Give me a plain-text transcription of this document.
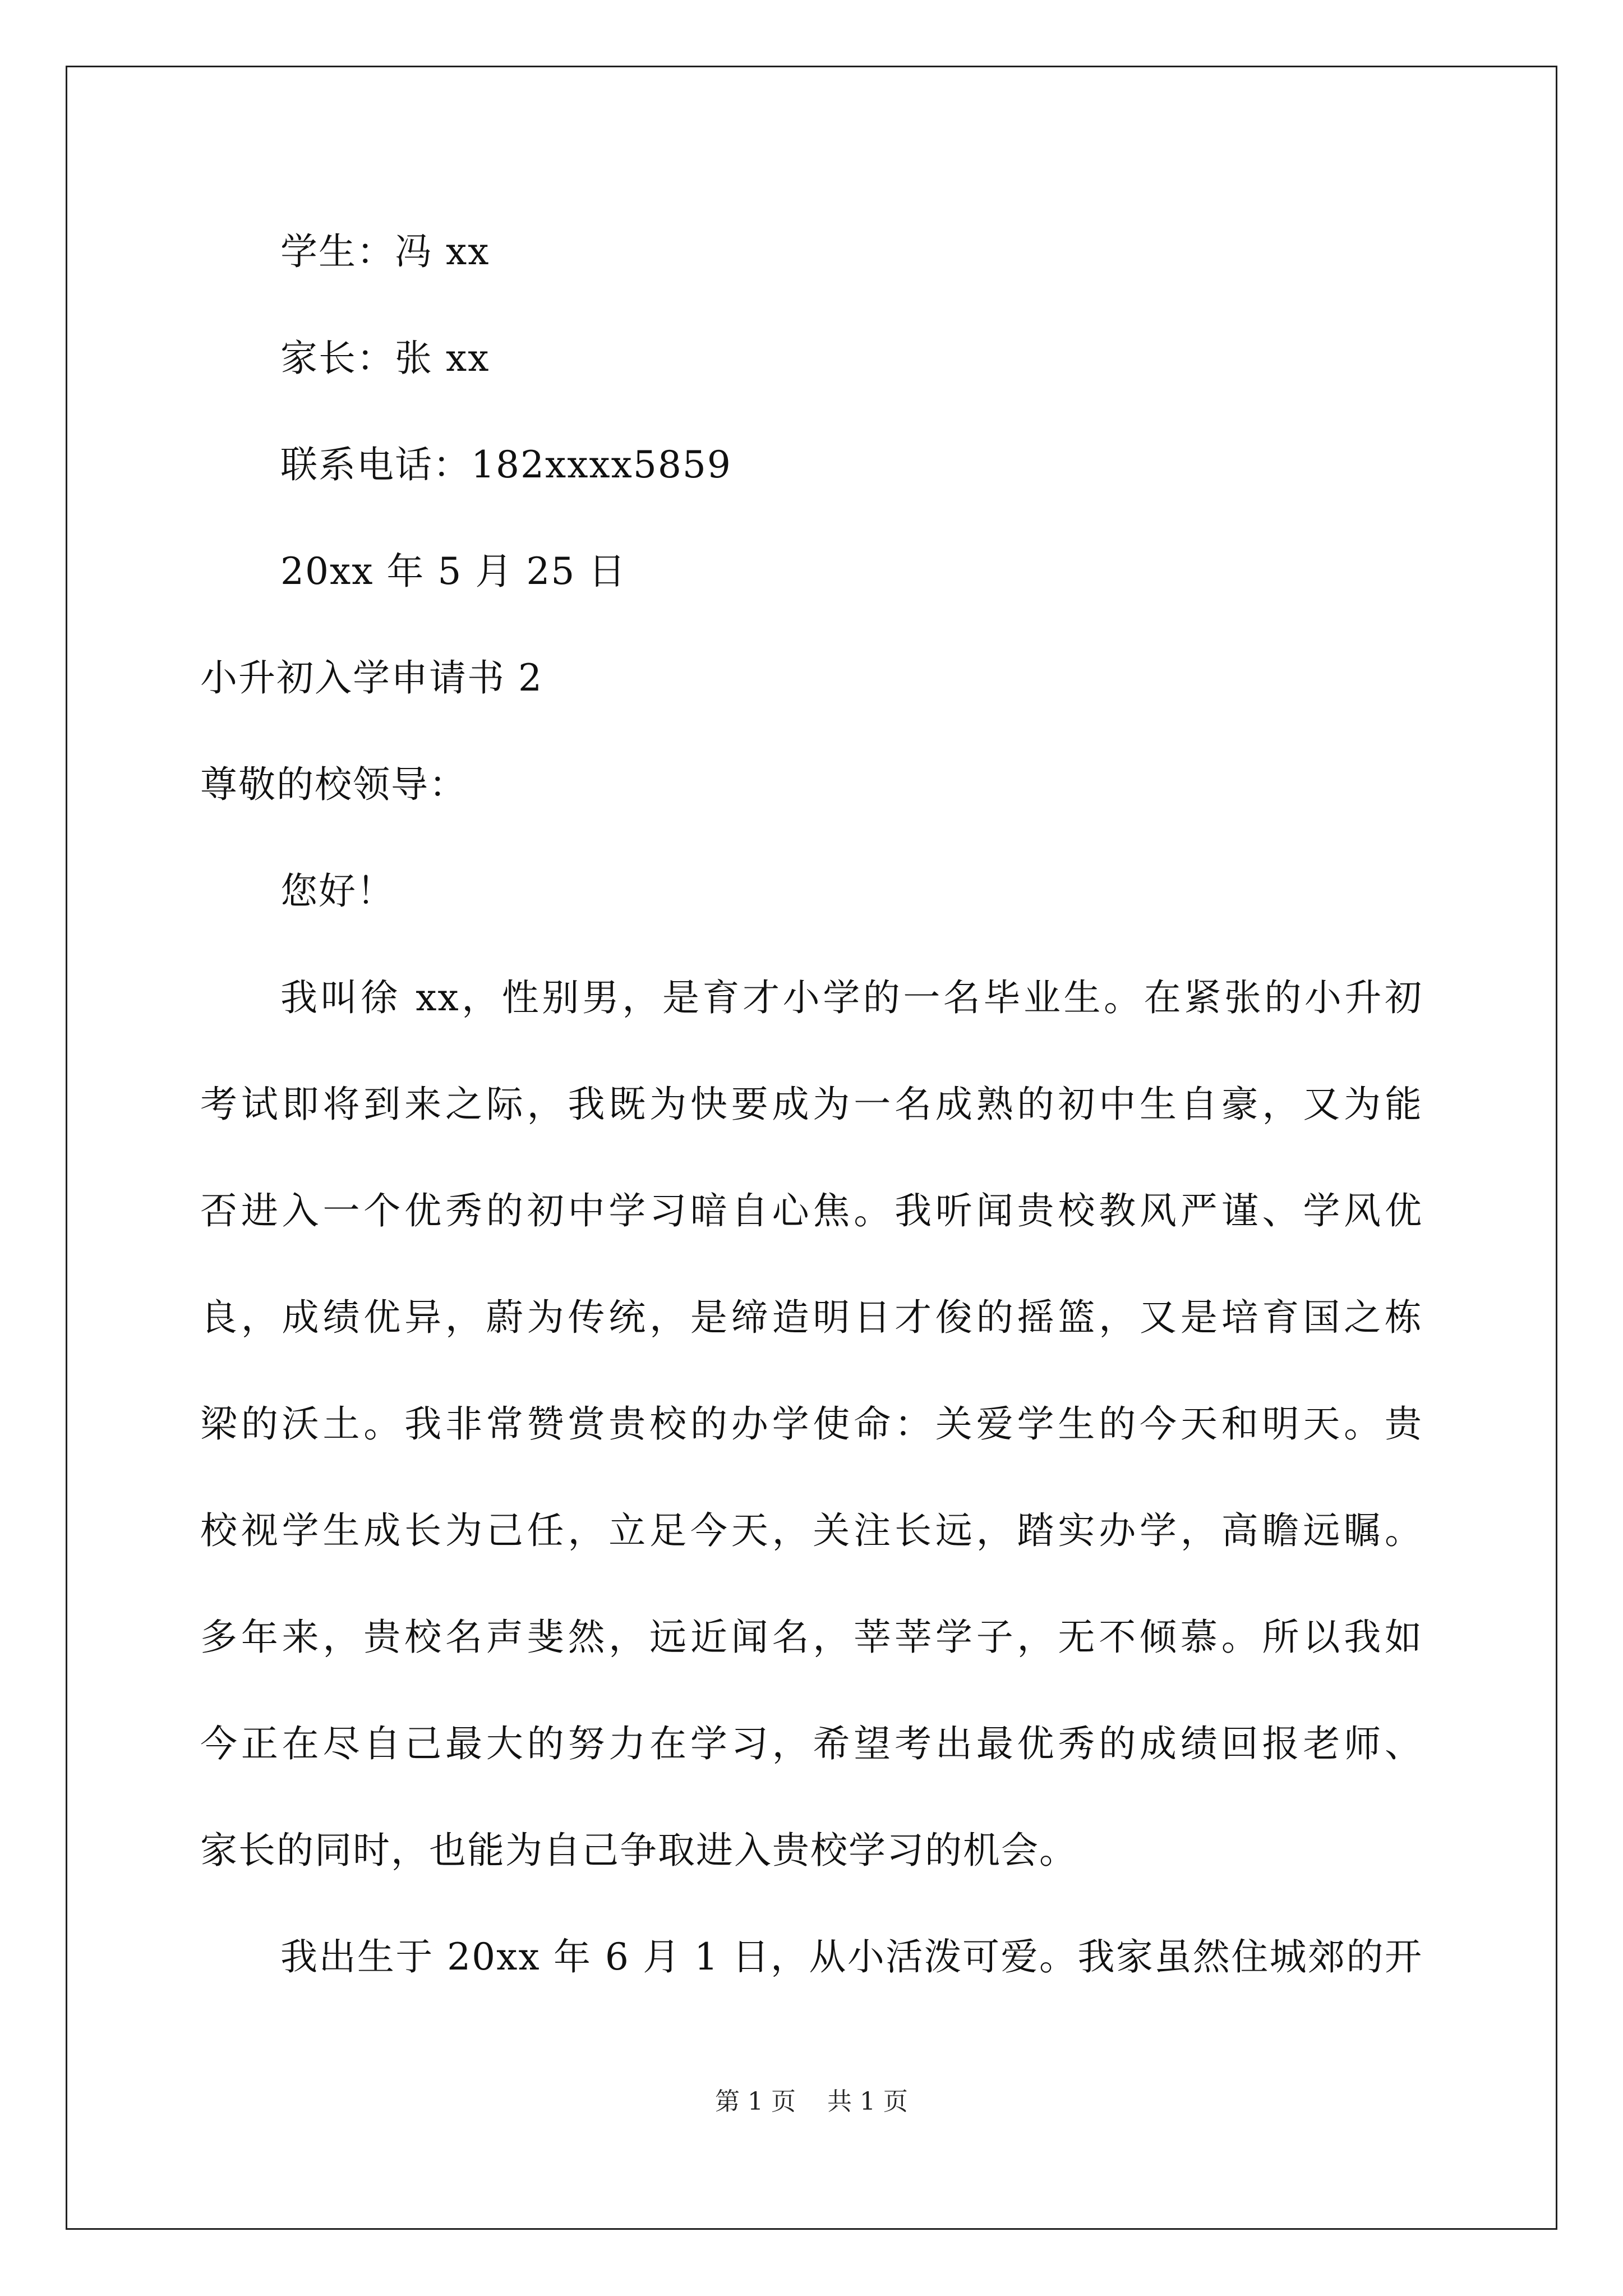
学生：冯 xx
家长：张 xx
联系电话：182xxxx5859
20xx 年 5 月 25 日
小升初入学申请书 2
尊敬的校领导：
您好！
我叫徐 xx，性别男，是育才小学的一名毕业生。在紧张的小升初
考试即将到来之际，我既为快要成为一名成熟的初中生自豪，又为能
否进入一个优秀的初中学习暗自心焦。我听闻贵校教风严谨、学风优
良，成绩优异，蔚为传统，是缔造明日才俊的摇篮，又是培育国之栋
梁的沃土。我非常赞赏贵校的办学使命：关爱学生的今天和明天。贵
校视学生成长为己任，立足今天，关注长远，踏实办学，高瞻远瞩。
多年来，贵校名声斐然，远近闻名，莘莘学子，无不倾慕。所以我如
今正在尽自己最大的努力在学习，希望考出最优秀的成绩回报老师、
家长的同时，也能为自己争取进入贵校学习的机会。
我出生于 20xx 年 6 月 1 日，从小活泼可爱。我家虽然住城郊的开
第 1 页    共 1 页
